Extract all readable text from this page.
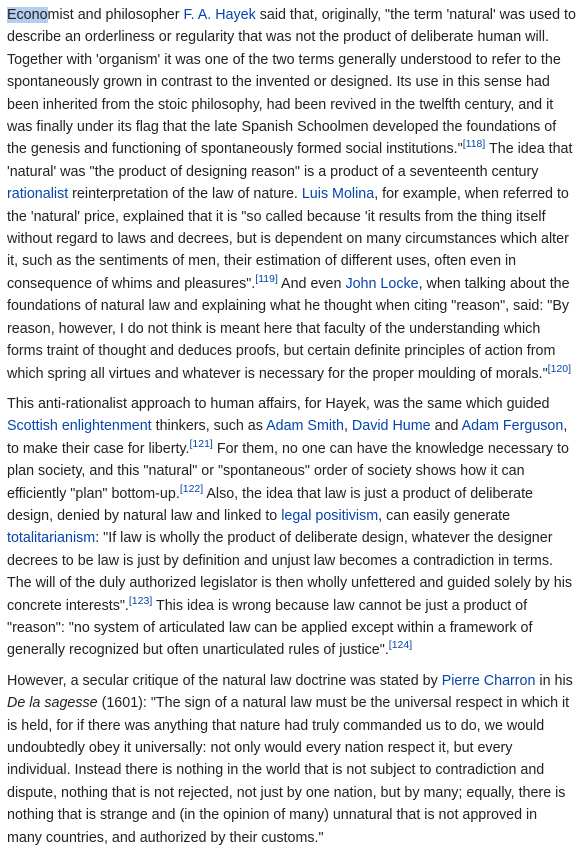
Economist and philosopher F. A. Hayek said that, originally, "the term 'natural' was used to describe an orderliness or regularity that was not the product of deliberate human will. Together with 'organism' it was one of the two terms generally understood to refer to the spontaneously grown in contrast to the invented or designed. Its use in this sense had been inherited from the stoic philosophy, had been revived in the twelfth century, and it was finally under its flag that the late Spanish Schoolmen developed the foundations of the genesis and functioning of spontaneously formed social institutions."[118] The idea that 'natural' was "the product of designing reason" is a product of a seventeenth century rationalist reinterpretation of the law of nature. Luis Molina, for example, when referred to the 'natural' price, explained that it is "so called because 'it results from the thing itself without regard to laws and decrees, but is dependent on many circumstances which alter it, such as the sentiments of men, their estimation of different uses, often even in consequence of whims and pleasures".[119] And even John Locke, when talking about the foundations of natural law and explaining what he thought when citing "reason", said: "By reason, however, I do not think is meant here that faculty of the understanding which forms traint of thought and deduces proofs, but certain definite principles of action from which spring all virtues and whatever is necessary for the proper moulding of morals."[120]

This anti-rationalist approach to human affairs, for Hayek, was the same which guided Scottish enlightenment thinkers, such as Adam Smith, David Hume and Adam Ferguson, to make their case for liberty.[121] For them, no one can have the knowledge necessary to plan society, and this "natural" or "spontaneous" order of society shows how it can efficiently "plan" bottom-up.[122] Also, the idea that law is just a product of deliberate design, denied by natural law and linked to legal positivism, can easily generate totalitarianism: "If law is wholly the product of deliberate design, whatever the designer decrees to be law is just by definition and unjust law becomes a contradiction in terms. The will of the duly authorized legislator is then wholly unfettered and guided solely by his concrete interests".[123] This idea is wrong because law cannot be just a product of "reason": "no system of articulated law can be applied except within a framework of generally recognized but often unarticulated rules of justice".[124]

However, a secular critique of the natural law doctrine was stated by Pierre Charron in his De la sagesse (1601): "The sign of a natural law must be the universal respect in which it is held, for if there was anything that nature had truly commanded us to do, we would undoubtedly obey it universally: not only would every nation respect it, but every individual. Instead there is nothing in the world that is not subject to contradiction and dispute, nothing that is not rejected, not just by one nation, but by many; equally, there is nothing that is strange and (in the opinion of many) unnatural that is not approved in many countries, and authorized by their customs."
